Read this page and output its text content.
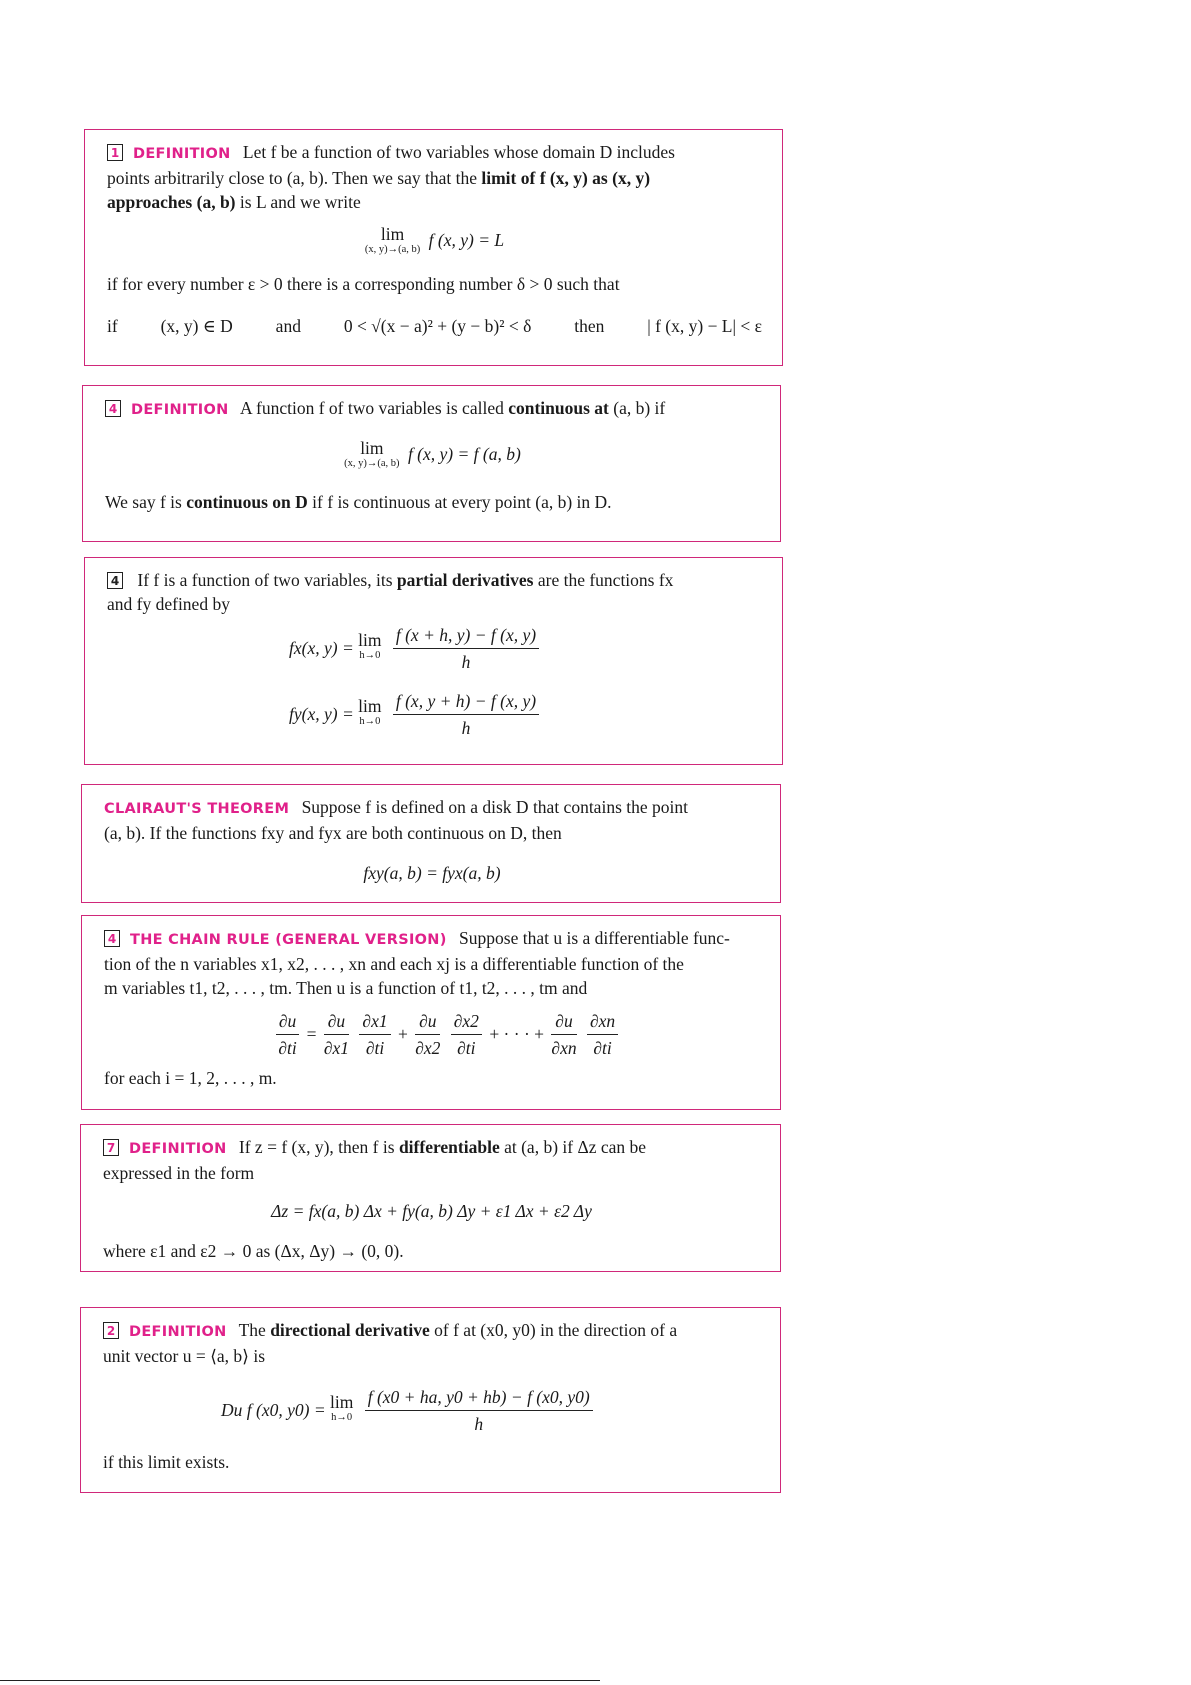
1 DEFINITION Let f be a function of two variables whose domain D includes
points arbitrarily close to (a, b). Then we say that the limit of f (x, y) as (x, y)
approaches (a, b) is L and we write
lim
(x, y)→(a, b) f (x, y) = L
if for every number ε > 0 there is a corresponding number δ > 0 such that
if (x, y) ∈ D and 0 < √(x − a)² + (y − b)² < δ then | f (x, y) − L| < ε
4 DEFINITION A function f of two variables is called continuous at (a, b) if
lim
(x, y)→(a, b) f (x, y) = f (a, b)
We say f is continuous on D if f is continuous at every point (a, b) in D.
4 If f is a function of two variables, its partial derivatives are the functions fx
and fy defined by
fx(x, y) = lim
h→0
$\frac{f (x + h, y) - f (x, y)}{h}$
fy(x, y) = lim
h→0
$\frac{f (x, y + h) - f (x, y)}{h}$
CLAIRAUT'S THEOREM Suppose f is defined on a disk D that contains the point
(a, b). If the functions fxy and fyx are both continuous on D, then
fxy(a, b) = fyx(a, b)
4 THE CHAIN RULE (GENERAL VERSION) Suppose that u is a differentiable func-
tion of the n variables x1, x2, . . . , xn and each xj is a differentiable function of the
m variables t1, t2, . . . , tm. Then u is a function of t1, t2, . . . , tm and
$\frac{\partial u}{\partial ti} = \frac{\partial u}{\partial x1}$
$\frac{\partial x1}{\partial ti} + \frac{\partial u}{\partial x2}$
$\frac{\partial x2}{\partial ti}$ + · · · + $\frac{\partial u}{\partial xn}$
$\frac{\partial xn}{\partial ti}$
for each i = 1, 2, . . . , m.
7 DEFINITION If z = f (x, y), then f is differentiable at (a, b) if Δz can be
expressed in the form
Δz = fx(a, b) Δx + fy(a, b) Δy + ε1 Δx + ε2 Δy
where ε1 and ε2 → 0 as (Δx, Δy) → (0, 0).
2 DEFINITION The directional derivative of f at (x0, y0) in the direction of a
unit vector u = ⟨a, b⟩ is
Du f (x0, y0) = lim
h→0
$\frac{f (x0 + ha, y0 + hb) - f (x0, y0)}{h}$
if this limit exists.
